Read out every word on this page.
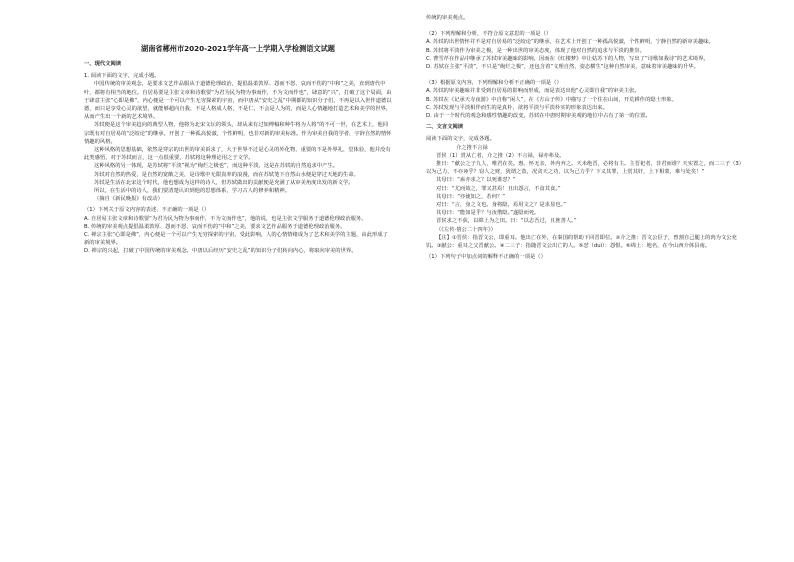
湖南省郴州市2020-2021学年高一上学期入学检测语文试题

一、现代文阅读

1. 阅读下面的文字，完成小题。

中国传统的审美观念，是要求文艺作品服从于道德伦理政治，提倡温柔敦厚、怨而不怒、哀而不伤的“中和”之美，直到唐代中叶，都将有相当的地位。自居易要是主张文章和诗歌要“为君为民为物为事而作，不为文而作也”，肆意的“兴”，打破了这个局面，由于肆意主张“心即是佛”，内心便是一个可以产生无穷探索的宇宙，而中唐从“安史之乱”中期都的知识分子们，不再是以入世作道德以德，而只是享受心灵的欲望，就能够超向自我，不是人格成人格，不是仁，不会是人为的，而是人心情趣地打造艺术和美学的世界，从而产生出一个新的艺术境界。

苏轼便是这个审美趋向的典型人物，他将为北宋文坛的领头，却从来有过如傅稿和种牛将为人将“的不可一世，在艺术上，他同宗既有对自居易的“泛皎论”的继承，开创了一种孤高悦澈，个性鲜明，也非对新的审美标准。作为审美自我的学者，宇辞自然的情怀情趣的风格。

这种风格的思想基础，依然是穿宗的出世的审美诉求了，大于世界不过是心灵的外化物，重要的不是外界礼，堂体验，他并没有此类感悟，对于苏轼而言，这一点很重要，苏轼将这种理论用之于文学。

这种风格的另一体现，是苏轼将“平淡”视为“绚烂之极也”，而这种平淡，这是在苏轼的自然追求中产生。

苏轼对自然的热爱，是自然的宽敞之美，是诗歌中无限真率的浪漫，而在苏轼笔下自然山水便是穿过天地的生命。

苏轼是生活在北宋这个时代，他也想成为这样的诗人，但苏轼做出的贡献便是充满了从审美角度出发的新文学。

所以，在生活中的诗人，我们要清楚认识到他的思想体系，学习古人的修养和精神。

（摘自《新民晚报》有改动）

（1）下列关于原文内容的表述，不正确的一项是（）

A. 自居易主张文章和诗歌要“为君为民为物为事而作，不为文而作也”，他的说，也是主张文学服务于道德伦理政治服务。

B. 传统的审美观点提倡温柔敦厚、怨而不怒、哀而不伤的“中和”之美，要求文艺作品服务于道德伦理政治服务。

C. 禅宗主张“心即是佛”，内心便是一个可以产生无穷探索的宇宙，受此影响，人的心情情绪成为了艺术和美学的主题，由此形成了新的审美境界。

D. 禅宗的兴起，打破了中国传统的审美观念，中唐以后经历“安史之乱”的知识分子们转向内心，将取向审美的世界。

传统的审美观点。

（2）下列理解和分析，不符合原文意思的一项是（）

A. 苏轼的出世情怀并不是对自居易的“泛皎论”的继承，在艺术上开创了一种孤高悦澈，个性鲜明，宁静自然的新审美趣味。

B. 苏轼将平淡作为审美之极，是一种出世的审美态度，体现了他对自然的追求与平淡的推崇。

C. 曹雪芹在作品中继承了苏轼审美趣味的影响，因而在《红楼梦》中让姑苏下的人物，写出了“诗歌如我诗”的艺术境界。

D. 苏轼在主张“平淡”，不只是“绚烂之极”，还包含着“文理自然，姿态横生”这种自然审美，意味着审美趣味的升华。

（3）根据原文内容，下列理解和分析不正确的一项是（）

A. 苏轼的审美趣味并非受到自居易的影响而形成，而是表达出他“心灵即自我”的审美主张。

B. 苏轼在《记承天寺夜游》中自称“闲人”，在《方山子传》中描写了一个住在山间，开荒耕作的隐士形象。

C. 苏轼发现与平淡相伴而生的是真朴，欲将平淡与平淡朴实的形象表达出来。

D. 由于一个时代的观念和感性情趣的改变，苏轼在中唐时期审美观的地位中占有了第一的位置。

二、文言文阅读

阅读下面的文字，完成各题。

介之推不言禄

晋侯（1）赏从亡者，介之推（2）不言禄，禄亦弗及。

推曰：“献公之子九人，唯君在矣。惠、怀无亲，外内弃之。天未绝晋，必将有主。主晋祀者，非君而谁？天实置之，而二三子（3）以为己力，不亦诬乎？窃人之财，犹谓之盗，况贪天之功，以为己力乎？下义其罪，上赏其奸，上下相蒙，难与处矣！”

其母曰：“盍亦求之？以死谁怼？”

对曰：“尤而效之，罪又甚焉！且出怨言，不食其食。”

其母曰：“亦使知之，若何？”

对曰：“言，身之文也。身将隐，焉用文之？是求显也。”

其母曰：“能如是乎？与汝偕隐。”遂隐而死。

晋侯求之不获，以绵上为之田。曰：“以志吾过，且旌善人。”

（《左传·僖公二十四年》）

【注】①晋侯：指晋文公，即重耳。他出亡在外，在秦国的帮助下回晋即位。②介之推：晋文公臣子，曾割自己腿上的肉为文公充饥。③献公：重耳之父晋献公。④二三子：指随晋文公出亡的人。⑤怼（duì）：怨恨。⑥绵上：地名，在今山西介休县南。

（1）下列句子中加点词的解释不正确的一项是（）
